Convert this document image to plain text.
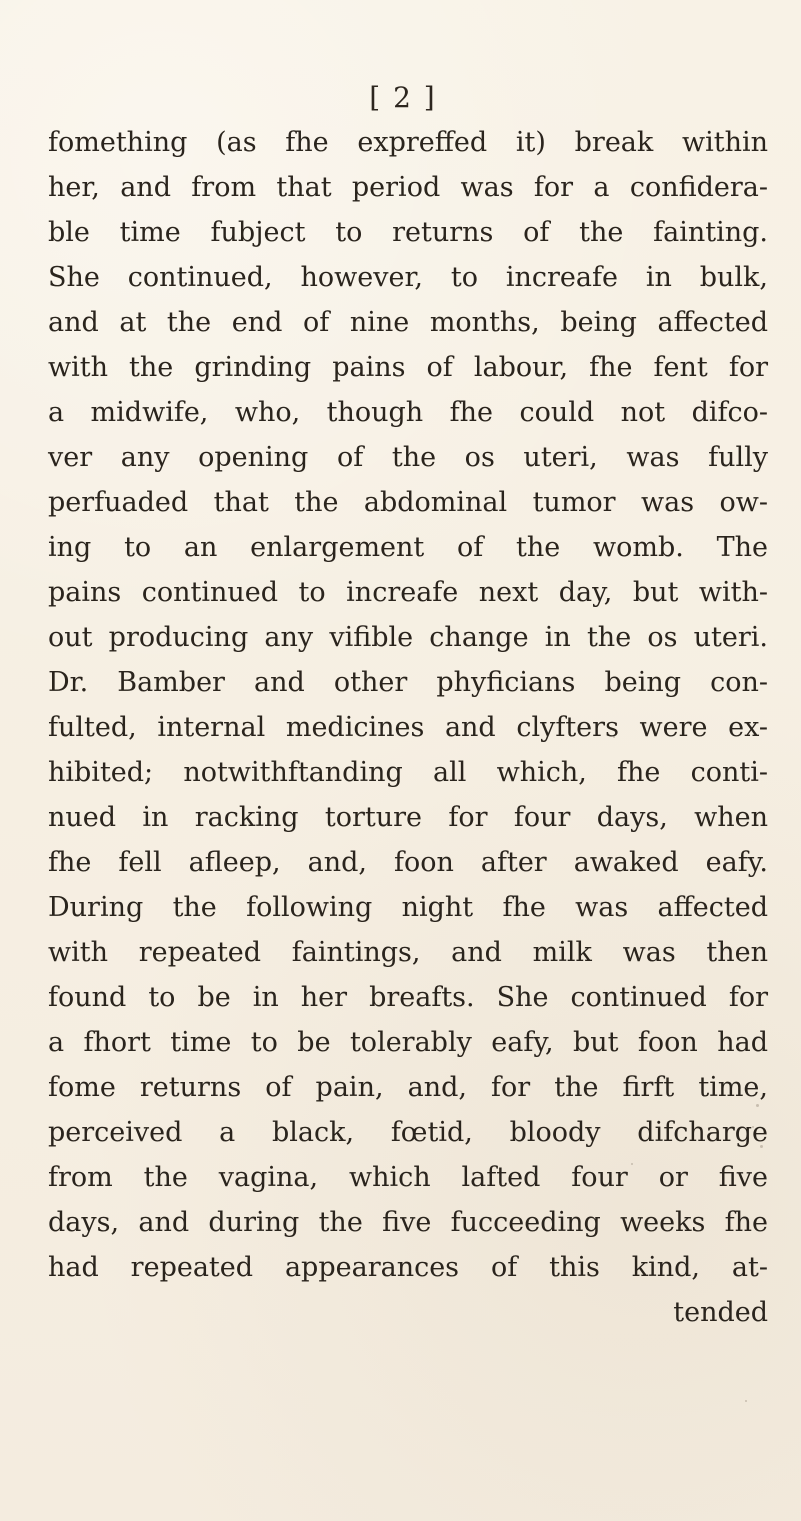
[ 2 ]
fomething (as fhe expreffed it) break within
her, and from that period was for a confidera-
ble time fubject to returns of the fainting.
She continued, however, to increafe in bulk,
and at the end of nine months, being affected
with the grinding pains of labour, fhe fent for
a midwife, who, though fhe could not difco-
ver any opening of the os uteri, was fully
perfuaded that the abdominal tumor was ow-
ing to an enlargement of the womb. The
pains continued to increafe next day, but with-
out producing any vifible change in the os uteri.
Dr. Bamber and other phyficians being con-
fulted, internal medicines and clyfters were ex-
hibited; notwithftanding all which, fhe conti-
nued in racking torture for four days, when
fhe fell afleep, and, foon after awaked eafy.
During the following night fhe was affected
with repeated faintings, and milk was then
found to be in her breafts. She continued for
a fhort time to be tolerably eafy, but foon had
fome returns of pain, and, for the firft time,
perceived a black, fœtid, bloody difcharge
from the vagina, which lafted four or five
days, and during the five fucceeding weeks fhe
had repeated appearances of this kind, at-
tended
